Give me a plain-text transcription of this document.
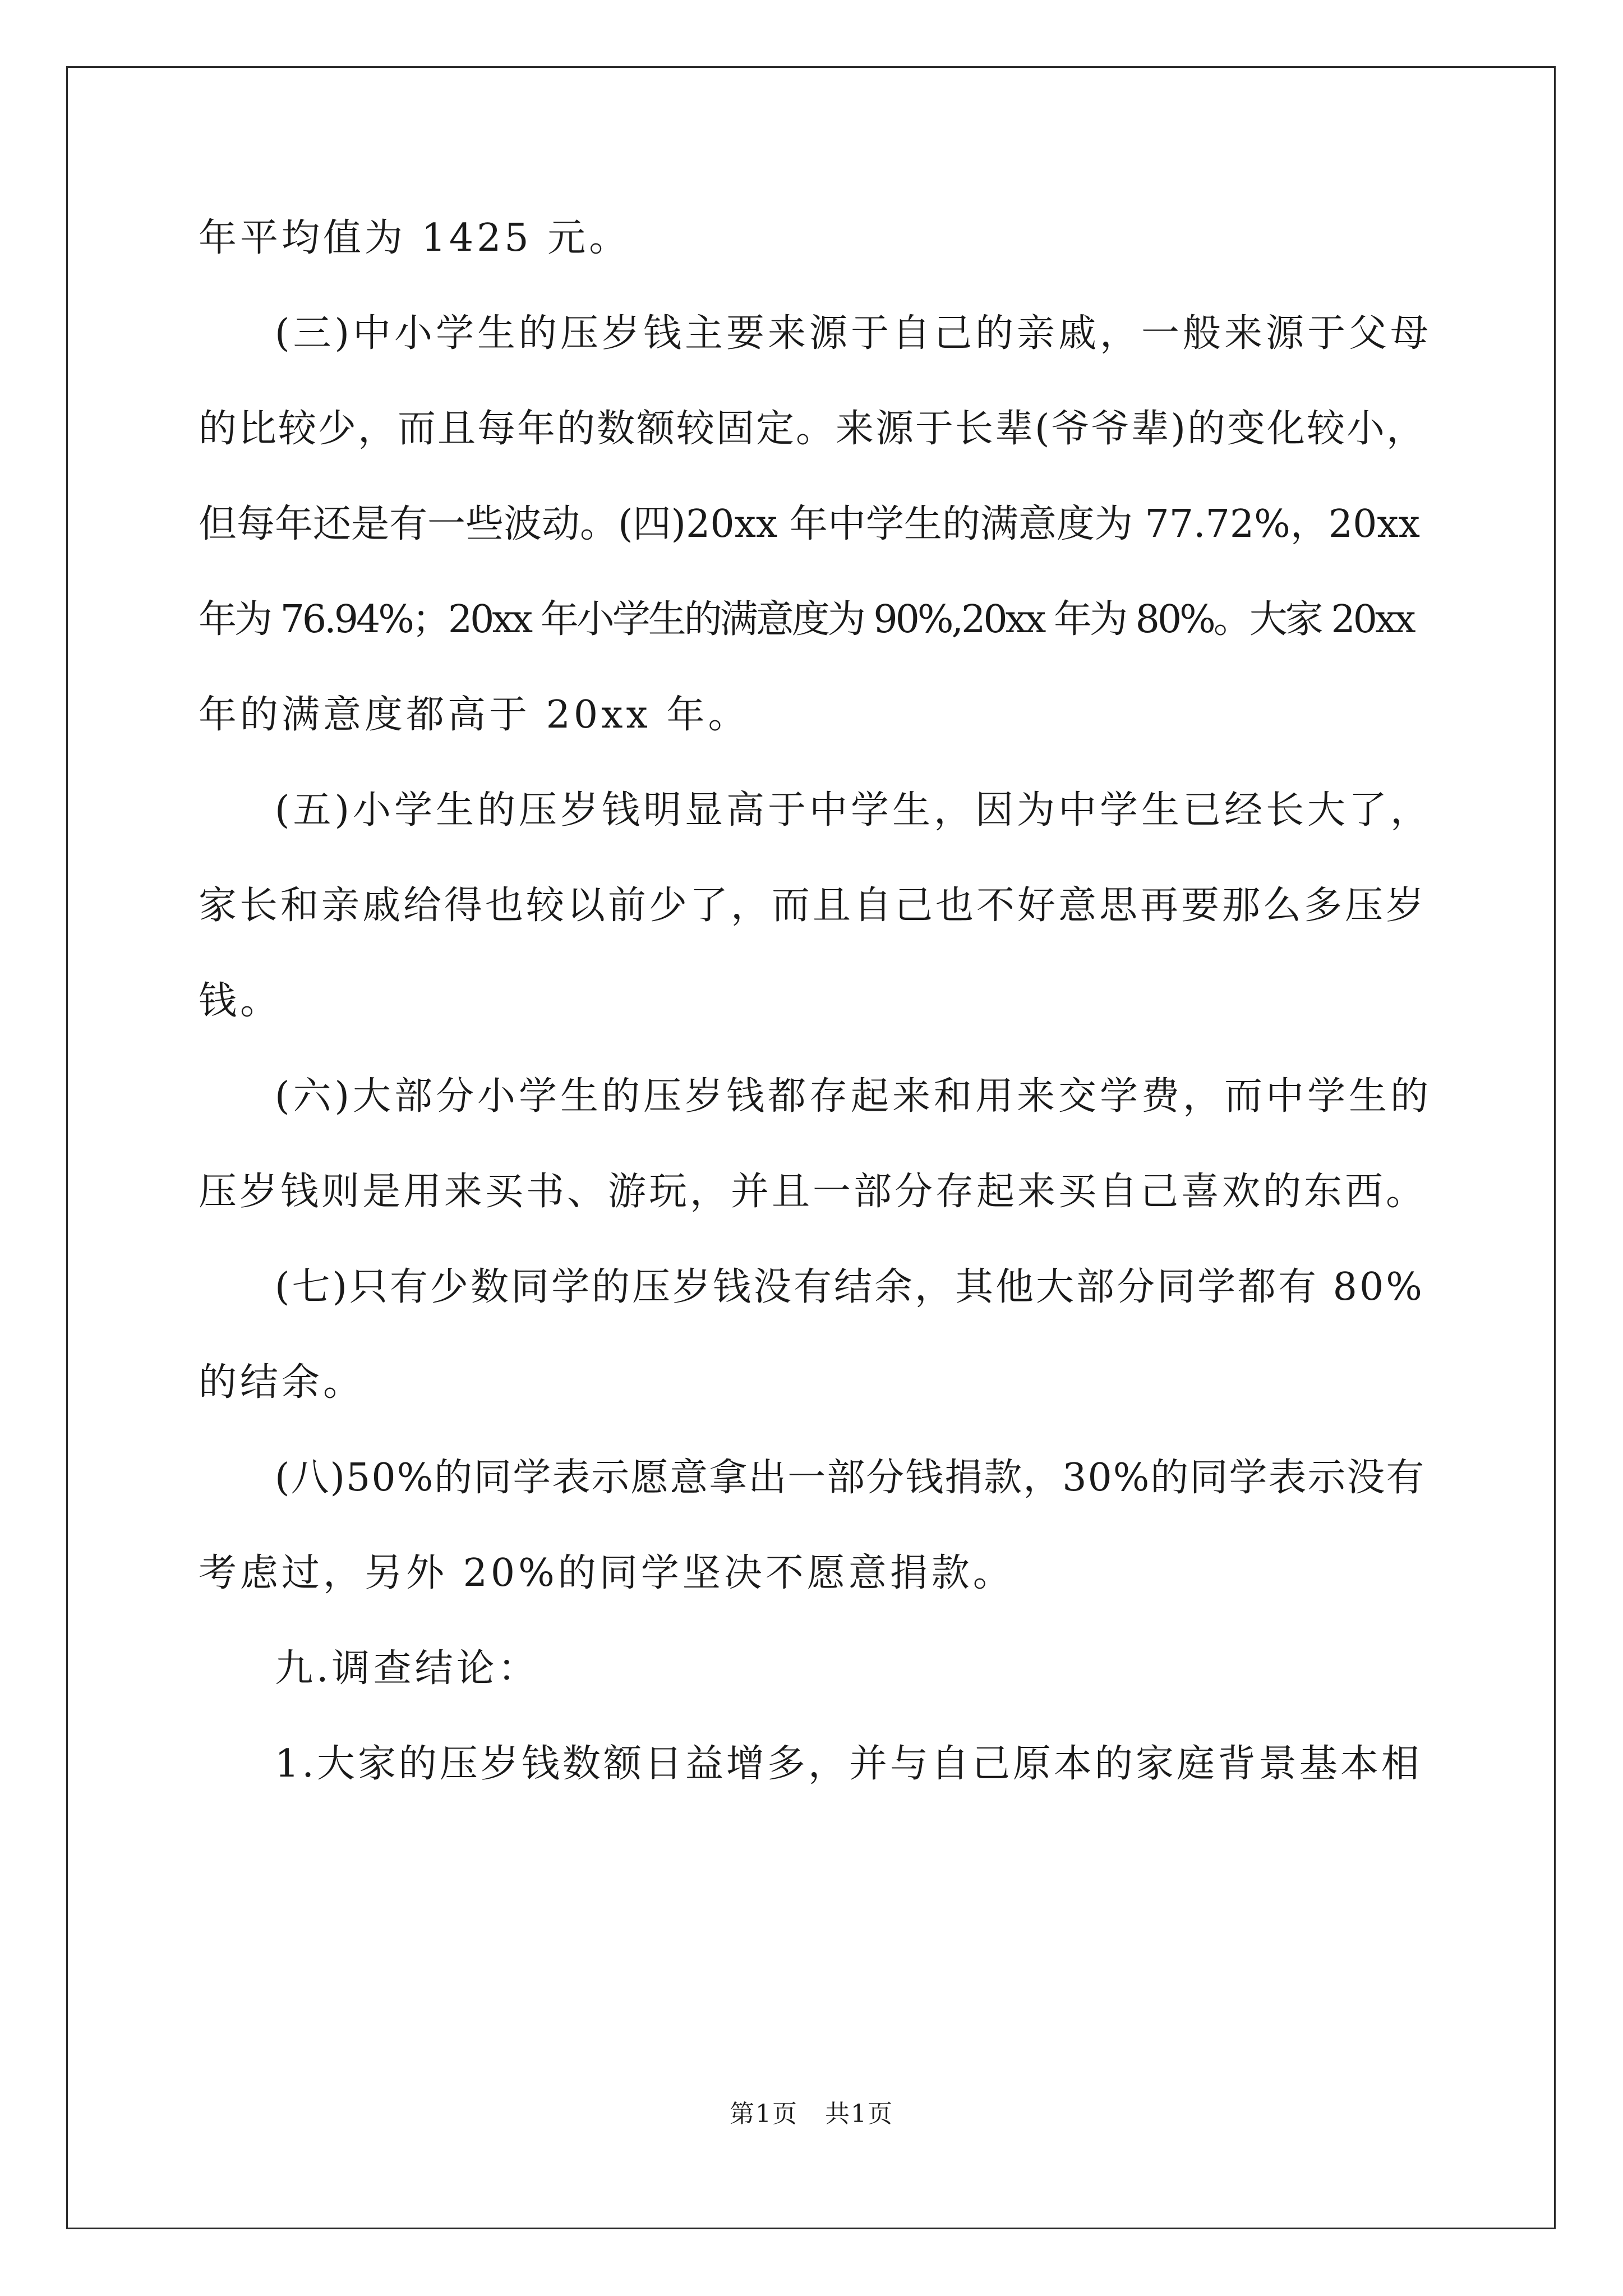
年平均值为 1425 元。
(三)中小学生的压岁钱主要来源于自己的亲戚，一般来源于父母
的比较少，而且每年的数额较固定。来源于长辈(爷爷辈)的变化较小，
但每年还是有一些波动。(四)20xx 年中学生的满意度为 77.72%，20xx
年为 76.94%；20xx 年小学生的满意度为 90%,20xx 年为 80%。大家 20xx
年的满意度都高于 20xx 年。
(五)小学生的压岁钱明显高于中学生，因为中学生已经长大了，
家长和亲戚给得也较以前少了，而且自己也不好意思再要那么多压岁
钱。
(六)大部分小学生的压岁钱都存起来和用来交学费，而中学生的
压岁钱则是用来买书、游玩，并且一部分存起来买自己喜欢的东西。
(七)只有少数同学的压岁钱没有结余，其他大部分同学都有 80%
的结余。
(八)50%的同学表示愿意拿出一部分钱捐款，30%的同学表示没有
考虑过，另外 20%的同学坚决不愿意捐款。
九.调查结论：
1.大家的压岁钱数额日益增多，并与自己原本的家庭背景基本相
第1页   共1页
